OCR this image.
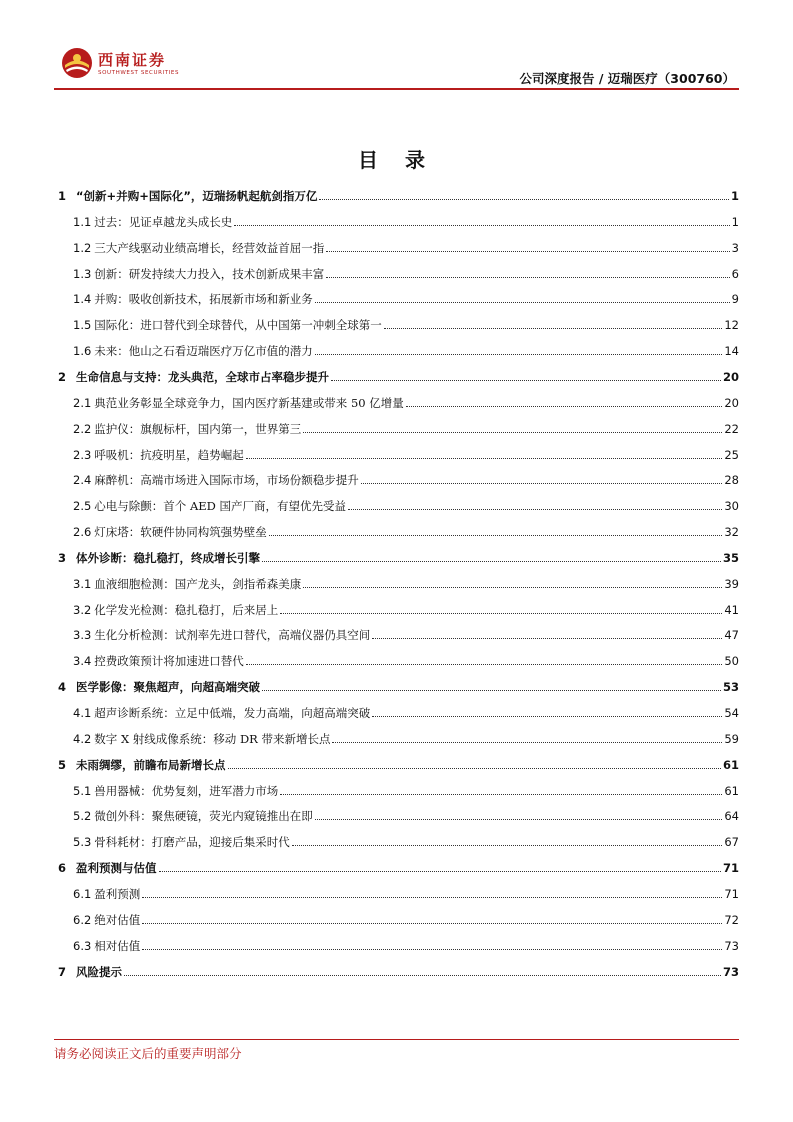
西南证券
SOUTHWEST SECURITIES	公司深度报告 / 迈瑞医疗（300760）
目 录
1 “创新+并购+国际化”，迈瑞扬帆起航剑指万亿	1
1.1 过去：见证卓越龙头成长史	1
1.2 三大产线驱动业绩高增长，经营效益首屈一指	3
1.3 创新：研发持续大力投入，技术创新成果丰富	6
1.4 并购：吸收创新技术，拓展新市场和新业务	9
1.5 国际化：进口替代到全球替代，从中国第一冲刺全球第一	12
1.6 未来：他山之石看迈瑞医疗万亿市值的潜力	14
2 生命信息与支持：龙头典范，全球市占率稳步提升	20
2.1 典范业务彰显全球竞争力，国内医疗新基建或带来 50 亿增量	20
2.2 监护仪：旗舰标杆，国内第一，世界第三	22
2.3 呼吸机：抗疫明星，趋势崛起	25
2.4 麻醉机：高端市场进入国际市场，市场份额稳步提升	28
2.5 心电与除颤：首个 AED 国产厂商，有望优先受益	30
2.6 灯床塔：软硬件协同构筑强势壁垒	32
3 体外诊断：稳扎稳打，终成增长引擎	35
3.1 血液细胞检测：国产龙头，剑指希森美康	39
3.2 化学发光检测：稳扎稳打，后来居上	41
3.3 生化分析检测：试剂率先进口替代，高端仪器仍具空间	47
3.4 控费政策预计将加速进口替代	50
4 医学影像：聚焦超声，向超高端突破	53
4.1 超声诊断系统：立足中低端，发力高端，向超高端突破	54
4.2 数字 X 射线成像系统：移动 DR 带来新增长点	59
5 未雨绸缪，前瞻布局新增长点	61
5.1 兽用器械：优势复刻，进军潜力市场	61
5.2 微创外科：聚焦硬镜，荧光内窥镜推出在即	64
5.3 骨科耗材：打磨产品，迎接后集采时代	67
6 盈利预测与估值	71
6.1 盈利预测	71
6.2 绝对估值	72
6.3 相对估值	73
7 风险提示	73
请务必阅读正文后的重要声明部分
